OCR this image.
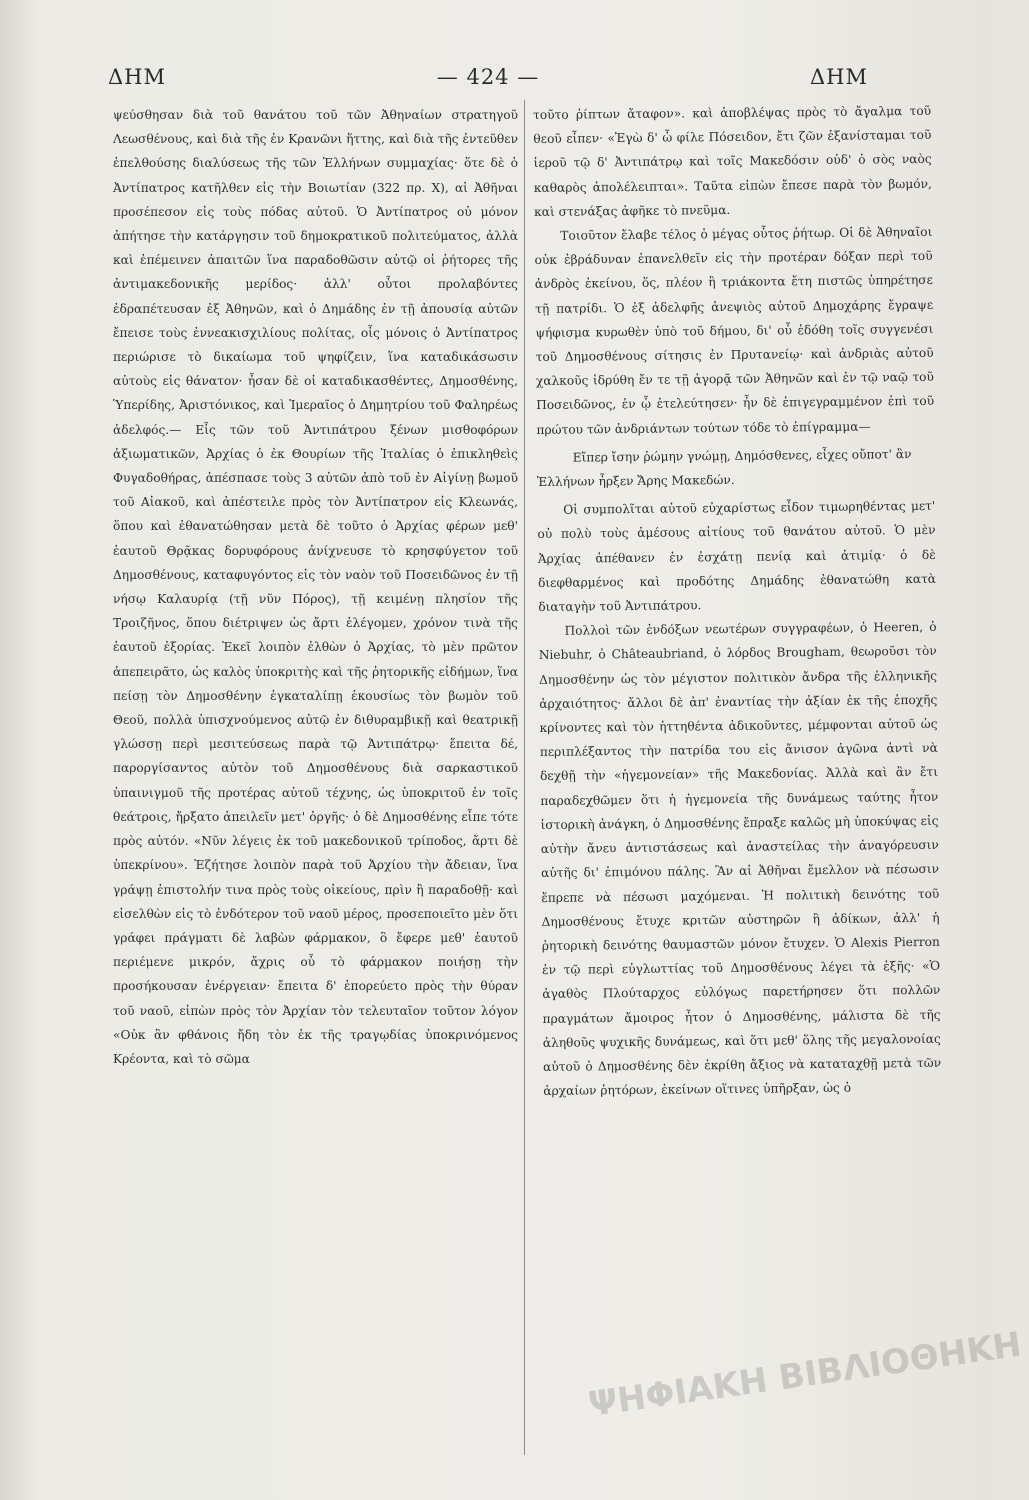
ΔΗΜ	— 424 —	ΔΗΜ

ψεύσθησαν διὰ τοῦ θανάτου τοῦ τῶν Ἀθηναίων στρατηγοῦ Λεωσθένους, καὶ διὰ τῆς ἐν Κρανῶνι ἥττης, καὶ διὰ τῆς ἐντεῦθεν ἐπελθούσης διαλύσεως τῆς τῶν Ἑλλήνων συμμαχίας· ὅτε δὲ ὁ Ἀντίπατρος κατῆλθεν εἰς τὴν Βοιωτίαν (322 πρ. Χ), αἱ Ἀθῆναι προσέπεσον εἰς τοὺς πόδας αὐτοῦ. Ὁ Ἀντίπατρος οὐ μόνον ἀπήτησε τὴν κατάργησιν τοῦ δημοκρατικοῦ πολιτεύματος, ἀλλὰ καὶ ἐπέμεινεν ἀπαιτῶν ἵνα παραδοθῶσιν αὐτῷ οἱ ῥήτορες τῆς ἀντιμακεδονικῆς μερίδος· ἀλλ' οὗτοι προλαβόντες ἐδραπέτευσαν ἐξ Ἀθηνῶν, καὶ ὁ Δημάδης ἐν τῇ ἀπουσίᾳ αὐτῶν ἔπεισε τοὺς ἐννεακισχιλίους πολίτας, οἷς μόνοις ὁ Ἀντίπατρος περιώρισε τὸ δικαίωμα τοῦ ψηφίζειν, ἵνα καταδικάσωσιν αὐτοὺς εἰς θάνατον· ἦσαν δὲ οἱ καταδικασθέντες, Δημοσθένης, Ὑπερίδης, Ἀριστόνικος, καὶ Ἱμεραῖος ὁ Δημητρίου τοῦ Φαληρέως ἀδελφός.— Εἷς τῶν τοῦ Ἀντιπάτρου ξένων μισθοφόρων ἀξιωματικῶν, Ἀρχίας ὁ ἐκ Θουρίων τῆς Ἰταλίας ὁ ἐπικληθεὶς Φυγαδοθήρας, ἀπέσπασε τοὺς 3 αὐτῶν ἀπὸ τοῦ ἐν Αἰγίνῃ βωμοῦ τοῦ Αἰακοῦ, καὶ ἀπέστειλε πρὸς τὸν Ἀντίπατρον εἰς Κλεωνάς, ὅπου καὶ ἐθανατώθησαν μετὰ δὲ τοῦτο ὁ Ἀρχίας φέρων μεθ' ἑαυτοῦ Θρᾷκας δορυφόρους ἀνίχνευσε τὸ κρησφύγετον τοῦ Δημοσθένους, καταφυγόντος εἰς τὸν ναὸν τοῦ Ποσειδῶνος ἐν τῇ νήσῳ Καλαυρίᾳ (τῇ νῦν Πόρος), τῇ κειμένῃ πλησίον τῆς Τροιζῆνος, ὅπου διέτριψεν ὡς ἄρτι ἐλέγομεν, χρόνον τινὰ τῆς ἑαυτοῦ ἐξορίας. Ἐκεῖ λοιπὸν ἐλθὼν ὁ Ἀρχίας, τὸ μὲν πρῶτον ἀπεπειρᾶτο, ὡς καλὸς ὑποκριτὴς καὶ τῆς ῥητορικῆς εἰδήμων, ἵνα πείσῃ τὸν Δημοσθένην ἐγκαταλίπῃ ἑκουσίως τὸν βωμὸν τοῦ Θεοῦ, πολλὰ ὑπισχνούμενος αὐτῷ ἐν διθυραμβικῇ καὶ θεατρικῇ γλώσσῃ περὶ μεσιτεύσεως παρὰ τῷ Ἀντιπάτρῳ· ἔπειτα δέ, παροργίσαντος αὐτὸν τοῦ Δημοσθένους διὰ σαρκαστικοῦ ὑπαινιγμοῦ τῆς προτέρας αὐτοῦ τέχνης, ὡς ὑποκριτοῦ ἐν τοῖς θεάτροις, ἤρξατο ἀπειλεῖν μετ' ὀργῆς· ὁ δὲ Δημοσθένης εἶπε τότε πρὸς αὐτόν. «Νῦν λέγεις ἐκ τοῦ μακεδονικοῦ τρίποδος, ἄρτι δὲ ὑπεκρίνου». Ἐζήτησε λοιπὸν παρὰ τοῦ Ἀρχίου τὴν ἄδειαν, ἵνα γράψῃ ἐπιστολήν τινα πρὸς τοὺς οἰκείους, πρὶν ἢ παραδοθῇ· καὶ εἰσελθὼν εἰς τὸ ἐνδότερον τοῦ ναοῦ μέρος, προσεποιεῖτο μὲν ὅτι γράφει πράγματι δὲ λαβὼν φάρμακον, ὃ ἔφερε μεθ' ἑαυτοῦ περιέμενε μικρόν, ἄχρις οὗ τὸ φάρμακον ποιήσῃ τὴν προσήκουσαν ἐνέργειαν· ἔπειτα δ' ἐπορεύετο πρὸς τὴν θύραν τοῦ ναοῦ, εἰπὼν πρὸς τὸν Ἀρχίαν τὸν τελευταῖον τοῦτον λόγον «Οὐκ ἂν φθάνοις ἤδη τὸν ἐκ τῆς τραγῳδίας ὑποκρινόμενος Κρέοντα, καὶ τὸ σῶμα

τοῦτο ῥίπτων ἄταφον». καὶ ἀποβλέψας πρὸς τὸ ἄγαλμα τοῦ θεοῦ εἶπεν· «Ἐγὼ δ' ὦ φίλε Πόσειδον, ἔτι ζῶν ἐξανίσταμαι τοῦ ἱεροῦ τῷ δ' Ἀντιπάτρῳ καὶ τοῖς Μακεδόσιν οὐδ' ὁ σὸς ναὸς καθαρὸς ἀπολέλειπται». Ταῦτα εἰπὼν ἔπεσε παρὰ τὸν βωμόν, καὶ στενάξας ἀφῆκε τὸ πνεῦμα.

Τοιοῦτον ἔλαβε τέλος ὁ μέγας οὗτος ῥήτωρ. Οἱ δὲ Ἀθηναῖοι οὐκ ἐβράδυναν ἐπανελθεῖν εἰς τὴν προτέραν δόξαν περὶ τοῦ ἀνδρὸς ἐκείνου, ὅς, πλέον ἢ τριάκοντα ἔτη πιστῶς ὑπηρέτησε τῇ πατρίδι. Ὁ ἐξ ἀδελφῆς ἀνεψιὸς αὐτοῦ Δημοχάρης ἔγραψε ψήφισμα κυρωθὲν ὑπὸ τοῦ δήμου, δι' οὗ ἐδόθη τοῖς συγγενέσι τοῦ Δημοσθένους σίτησις ἐν Πρυτανείῳ· καὶ ἀνδριὰς αὐτοῦ χαλκοῦς ἱδρύθη ἔν τε τῇ ἀγορᾷ τῶν Ἀθηνῶν καὶ ἐν τῷ ναῷ τοῦ Ποσειδῶνος, ἐν ᾧ ἐτελεύτησεν· ἦν δὲ ἐπιγεγραμμένον ἐπὶ τοῦ πρώτου τῶν ἀνδριάντων τούτων τόδε τὸ ἐπίγραμμα—

Εἴπερ ἴσην ῥώμην γνώμῃ, Δημόσθενες, εἶχες οὔποτ' ἂν Ἑλλήνων ἦρξεν Ἄρης Μακεδών.

Οἱ συμπολῖται αὐτοῦ εὐχαρίστως εἶδον τιμωρηθέντας μετ' οὐ πολὺ τοὺς ἀμέσους αἰτίους τοῦ θανάτου αὐτοῦ. Ὁ μὲν Ἀρχίας ἀπέθανεν ἐν ἐσχάτῃ πενίᾳ καὶ ἀτιμίᾳ· ὁ δὲ διεφθαρμένος καὶ προδότης Δημάδης ἐθανατώθη κατὰ διαταγὴν τοῦ Ἀντιπάτρου.

Πολλοὶ τῶν ἐνδόξων νεωτέρων συγγραφέων, ὁ Heeren, ὁ Niebuhr, ὁ Châteaubriand, ὁ λόρδος Brougham, θεωροῦσι τὸν Δημοσθένην ὡς τὸν μέγιστον πολιτικὸν ἄνδρα τῆς ἑλληνικῆς ἀρχαιότητος· ἄλλοι δὲ ἀπ' ἐναντίας τὴν ἀξίαν ἐκ τῆς ἐποχῆς κρίνοντες καὶ τὸν ἡττηθέντα ἀδικοῦντες, μέμφονται αὐτοῦ ὡς περιπλέξαντος τὴν πατρίδα του εἰς ἄνισον ἀγῶνα ἀντὶ νὰ δεχθῇ τὴν «ἡγεμονείαν» τῆς Μακεδονίας. Ἀλλὰ καὶ ἂν ἔτι παραδεχθῶμεν ὅτι ἡ ἡγεμονεία τῆς δυνάμεως ταύτης ἦτον ἱστορικὴ ἀνάγκη, ὁ Δημοσθένης ἔπραξε καλῶς μὴ ὑποκύψας εἰς αὐτὴν ἄνευ ἀντιστάσεως καὶ ἀναστείλας τὴν ἀναγόρευσιν αὐτῆς δι' ἐπιμόνου πάλης. Ἂν αἱ Ἀθῆναι ἔμελλον νὰ πέσωσιν ἔπρεπε νὰ πέσωσι μαχόμεναι. Ἡ πολιτικὴ δεινότης τοῦ Δημοσθένους ἔτυχε κριτῶν αὐστηρῶν ἢ ἀδίκων, ἀλλ' ἡ ῥητορικὴ δεινότης θαυμαστῶν μόνον ἔτυχεν. Ὁ Alexis Pierron ἐν τῷ περὶ εὐγλωττίας τοῦ Δημοσθένους λέγει τὰ ἑξῆς· «Ὁ ἀγαθὸς Πλούταρχος εὐλόγως παρετήρησεν ὅτι πολλῶν πραγμάτων ἄμοιρος ἦτον ὁ Δημοσθένης, μάλιστα δὲ τῆς ἀληθοῦς ψυχικῆς δυνάμεως, καὶ ὅτι μεθ' ὅλης τῆς μεγαλονοίας αὐτοῦ ὁ Δημοσθένης δὲν ἐκρίθη ἄξιος νὰ καταταχθῇ μετὰ τῶν ἀρχαίων ῥητόρων, ἐκείνων οἵτινες ὑπῆρξαν, ὡς ὁ

ΨΗΦΙΑΚΗ ΒΙΒΛΙΟΘΗΚΗ
